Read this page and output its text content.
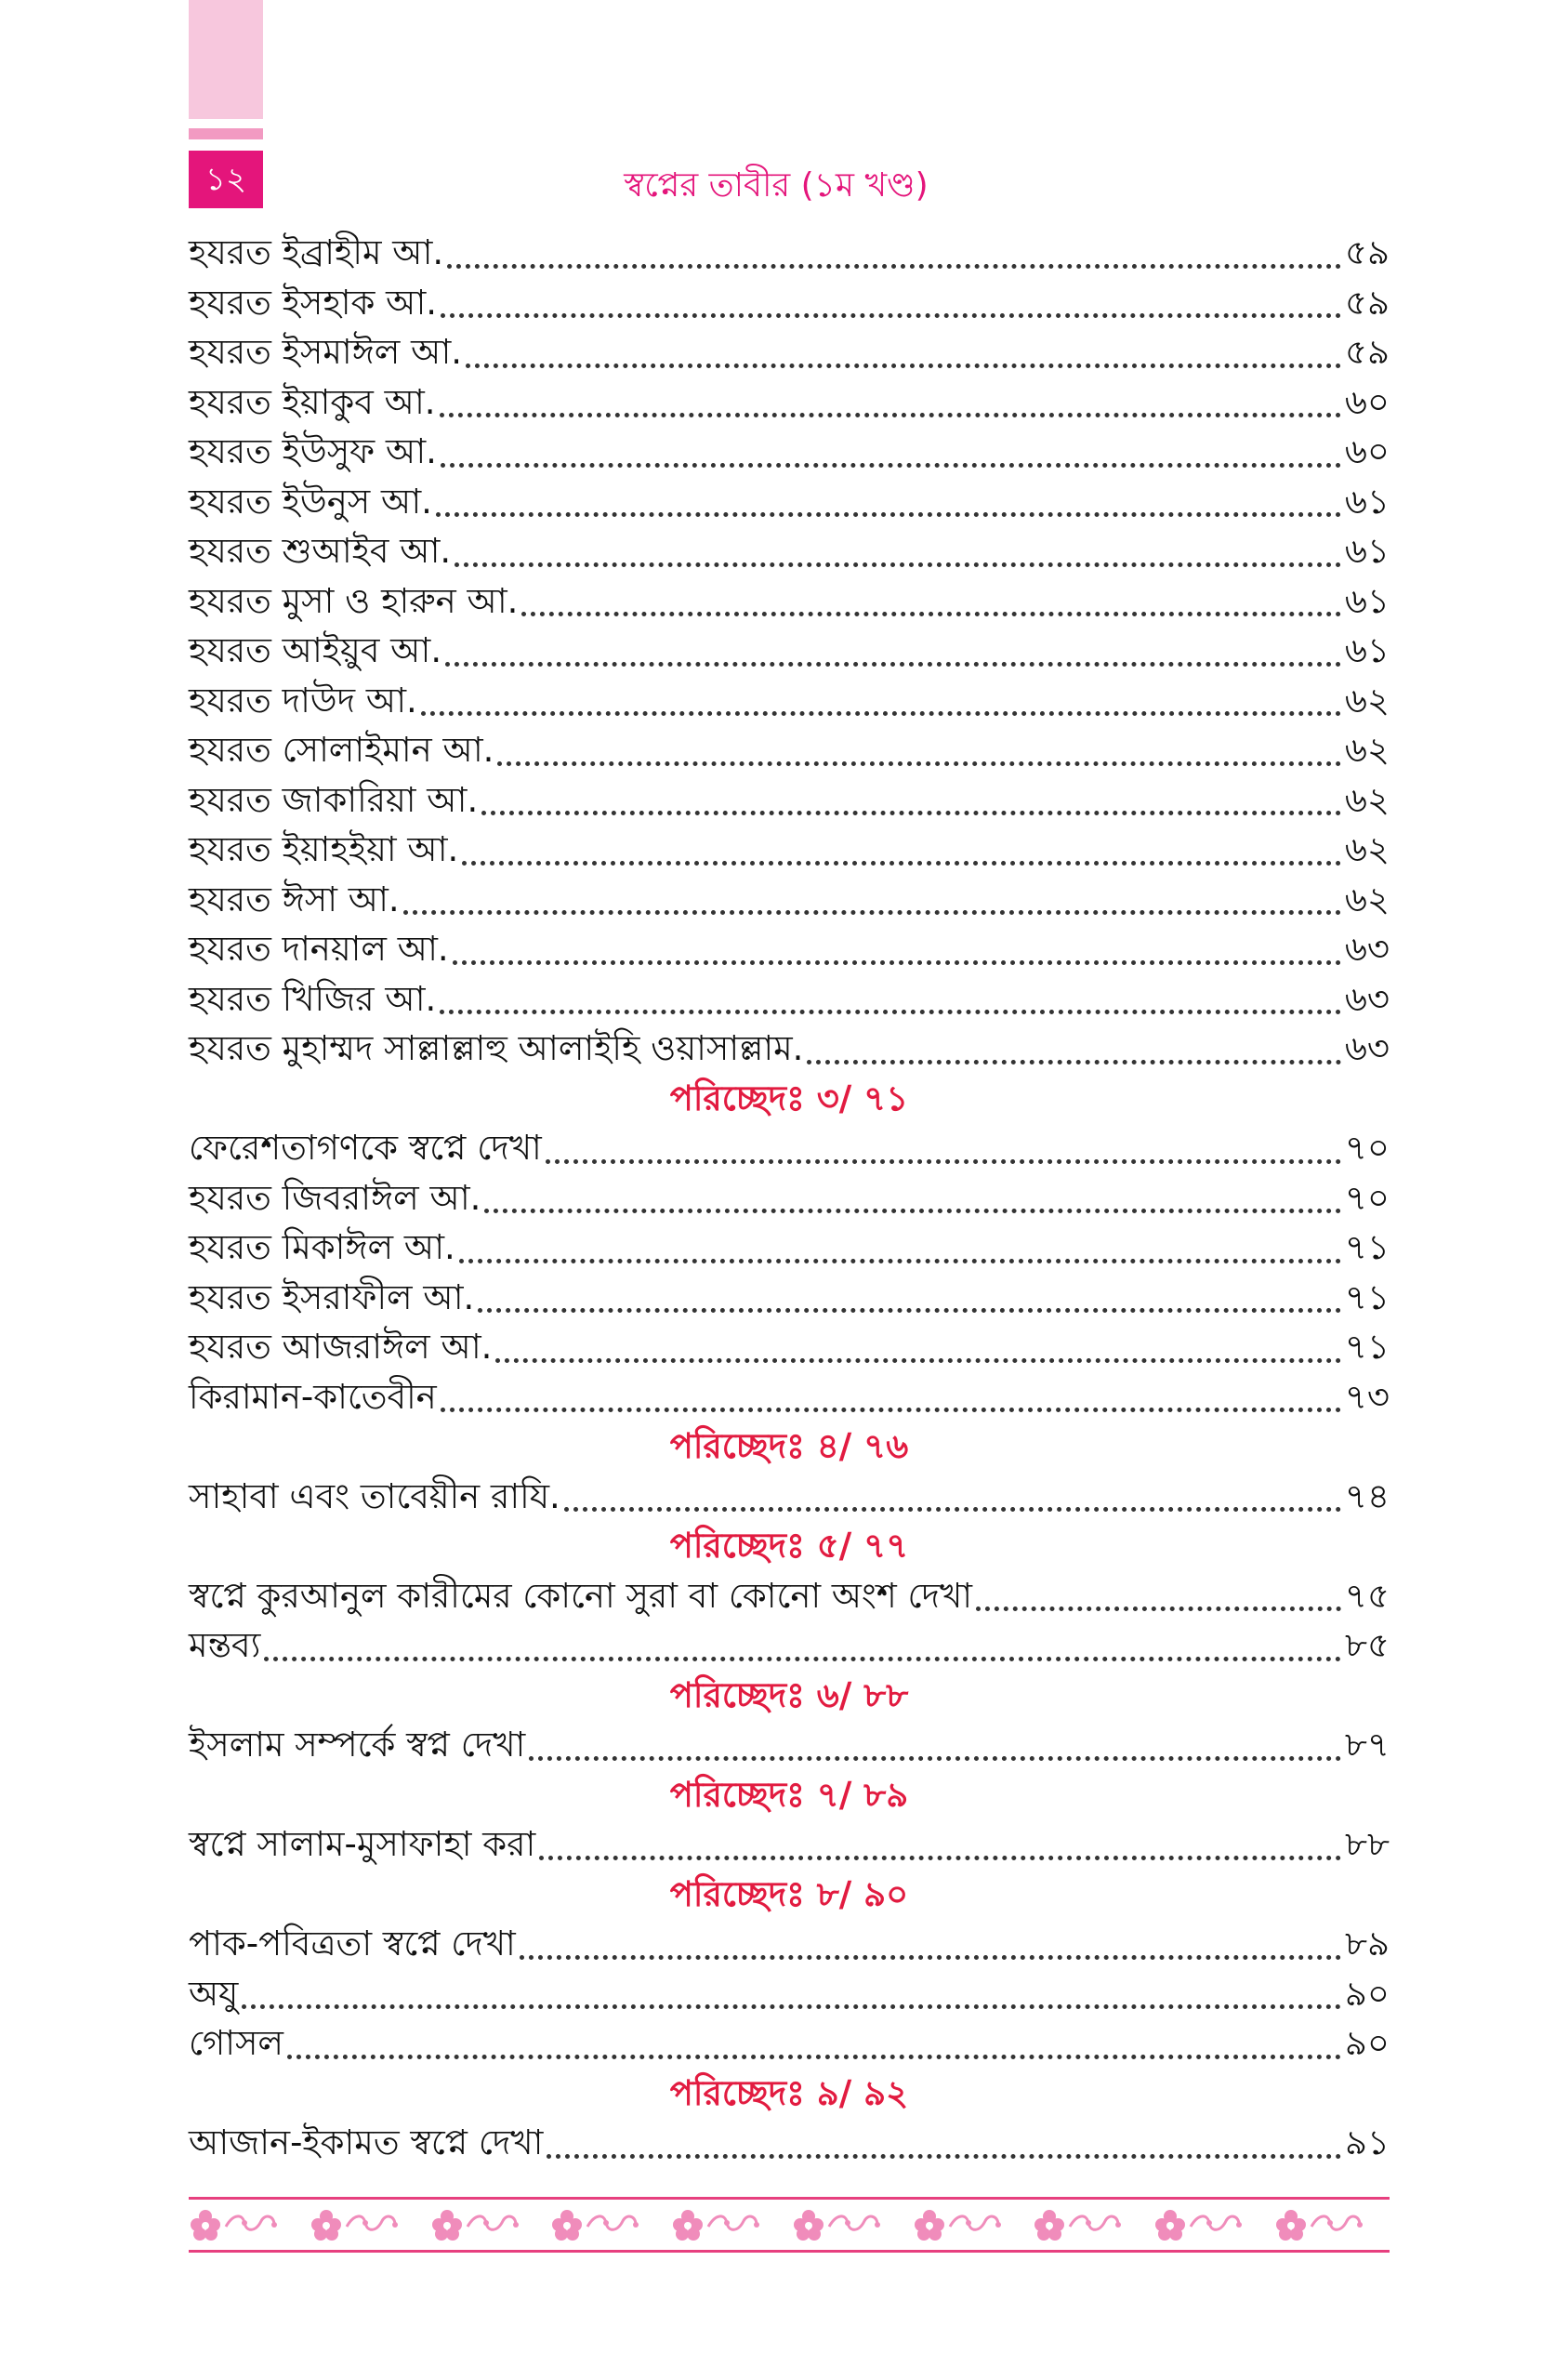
১২	স্বপ্নের তাবীর (১ম খণ্ড)
হযরত ইব্রাহীম আ.	৫৯
হযরত ইসহাক আ.	৫৯
হযরত ইসমাঈল আ.	৫৯
হযরত ইয়াকুব আ.	৬০
হযরত ইউসুফ আ.	৬০
হযরত ইউনুস আ.	৬১
হযরত শুআইব আ.	৬১
হযরত মুসা ও হারুন আ.	৬১
হযরত আইয়ুব আ.	৬১
হযরত দাউদ আ.	৬২
হযরত সোলাইমান আ.	৬২
হযরত জাকারিয়া আ.	৬২
হযরত ইয়াহইয়া আ.	৬২
হযরত ঈসা আ.	৬২
হযরত দানয়াল আ.	৬৩
হযরত খিজির আ.	৬৩
হযরত মুহাম্মদ সাল্লাল্লাহু আলাইহি ওয়াসাল্লাম.	৬৩
পরিচ্ছেদঃ ৩/ ৭১
ফেরেশতাগণকে স্বপ্নে দেখা	৭০
হযরত জিবরাঈল আ.	৭০
হযরত মিকাঈল আ.	৭১
হযরত ইসরাফীল আ.	৭১
হযরত আজরাঈল আ.	৭১
কিরামান-কাতেবীন	৭৩
পরিচ্ছেদঃ ৪/ ৭৬
সাহাবা এবং তাবেয়ীন রাযি.	৭৪
পরিচ্ছেদঃ ৫/ ৭৭
স্বপ্নে কুরআনুল কারীমের কোনো সুরা বা কোনো অংশ দেখা	৭৫
মন্তব্য	৮৫
পরিচ্ছেদঃ ৬/ ৮৮
ইসলাম সম্পর্কে স্বপ্ন দেখা	৮৭
পরিচ্ছেদঃ ৭/ ৮৯
স্বপ্নে সালাম-মুসাফাহা করা	৮৮
পরিচ্ছেদঃ ৮/ ৯০
পাক-পবিত্রতা স্বপ্নে দেখা	৮৯
অযু	৯০
গোসল	৯০
পরিচ্ছেদঃ ৯/ ৯২
আজান-ইকামত স্বপ্নে দেখা	৯১
